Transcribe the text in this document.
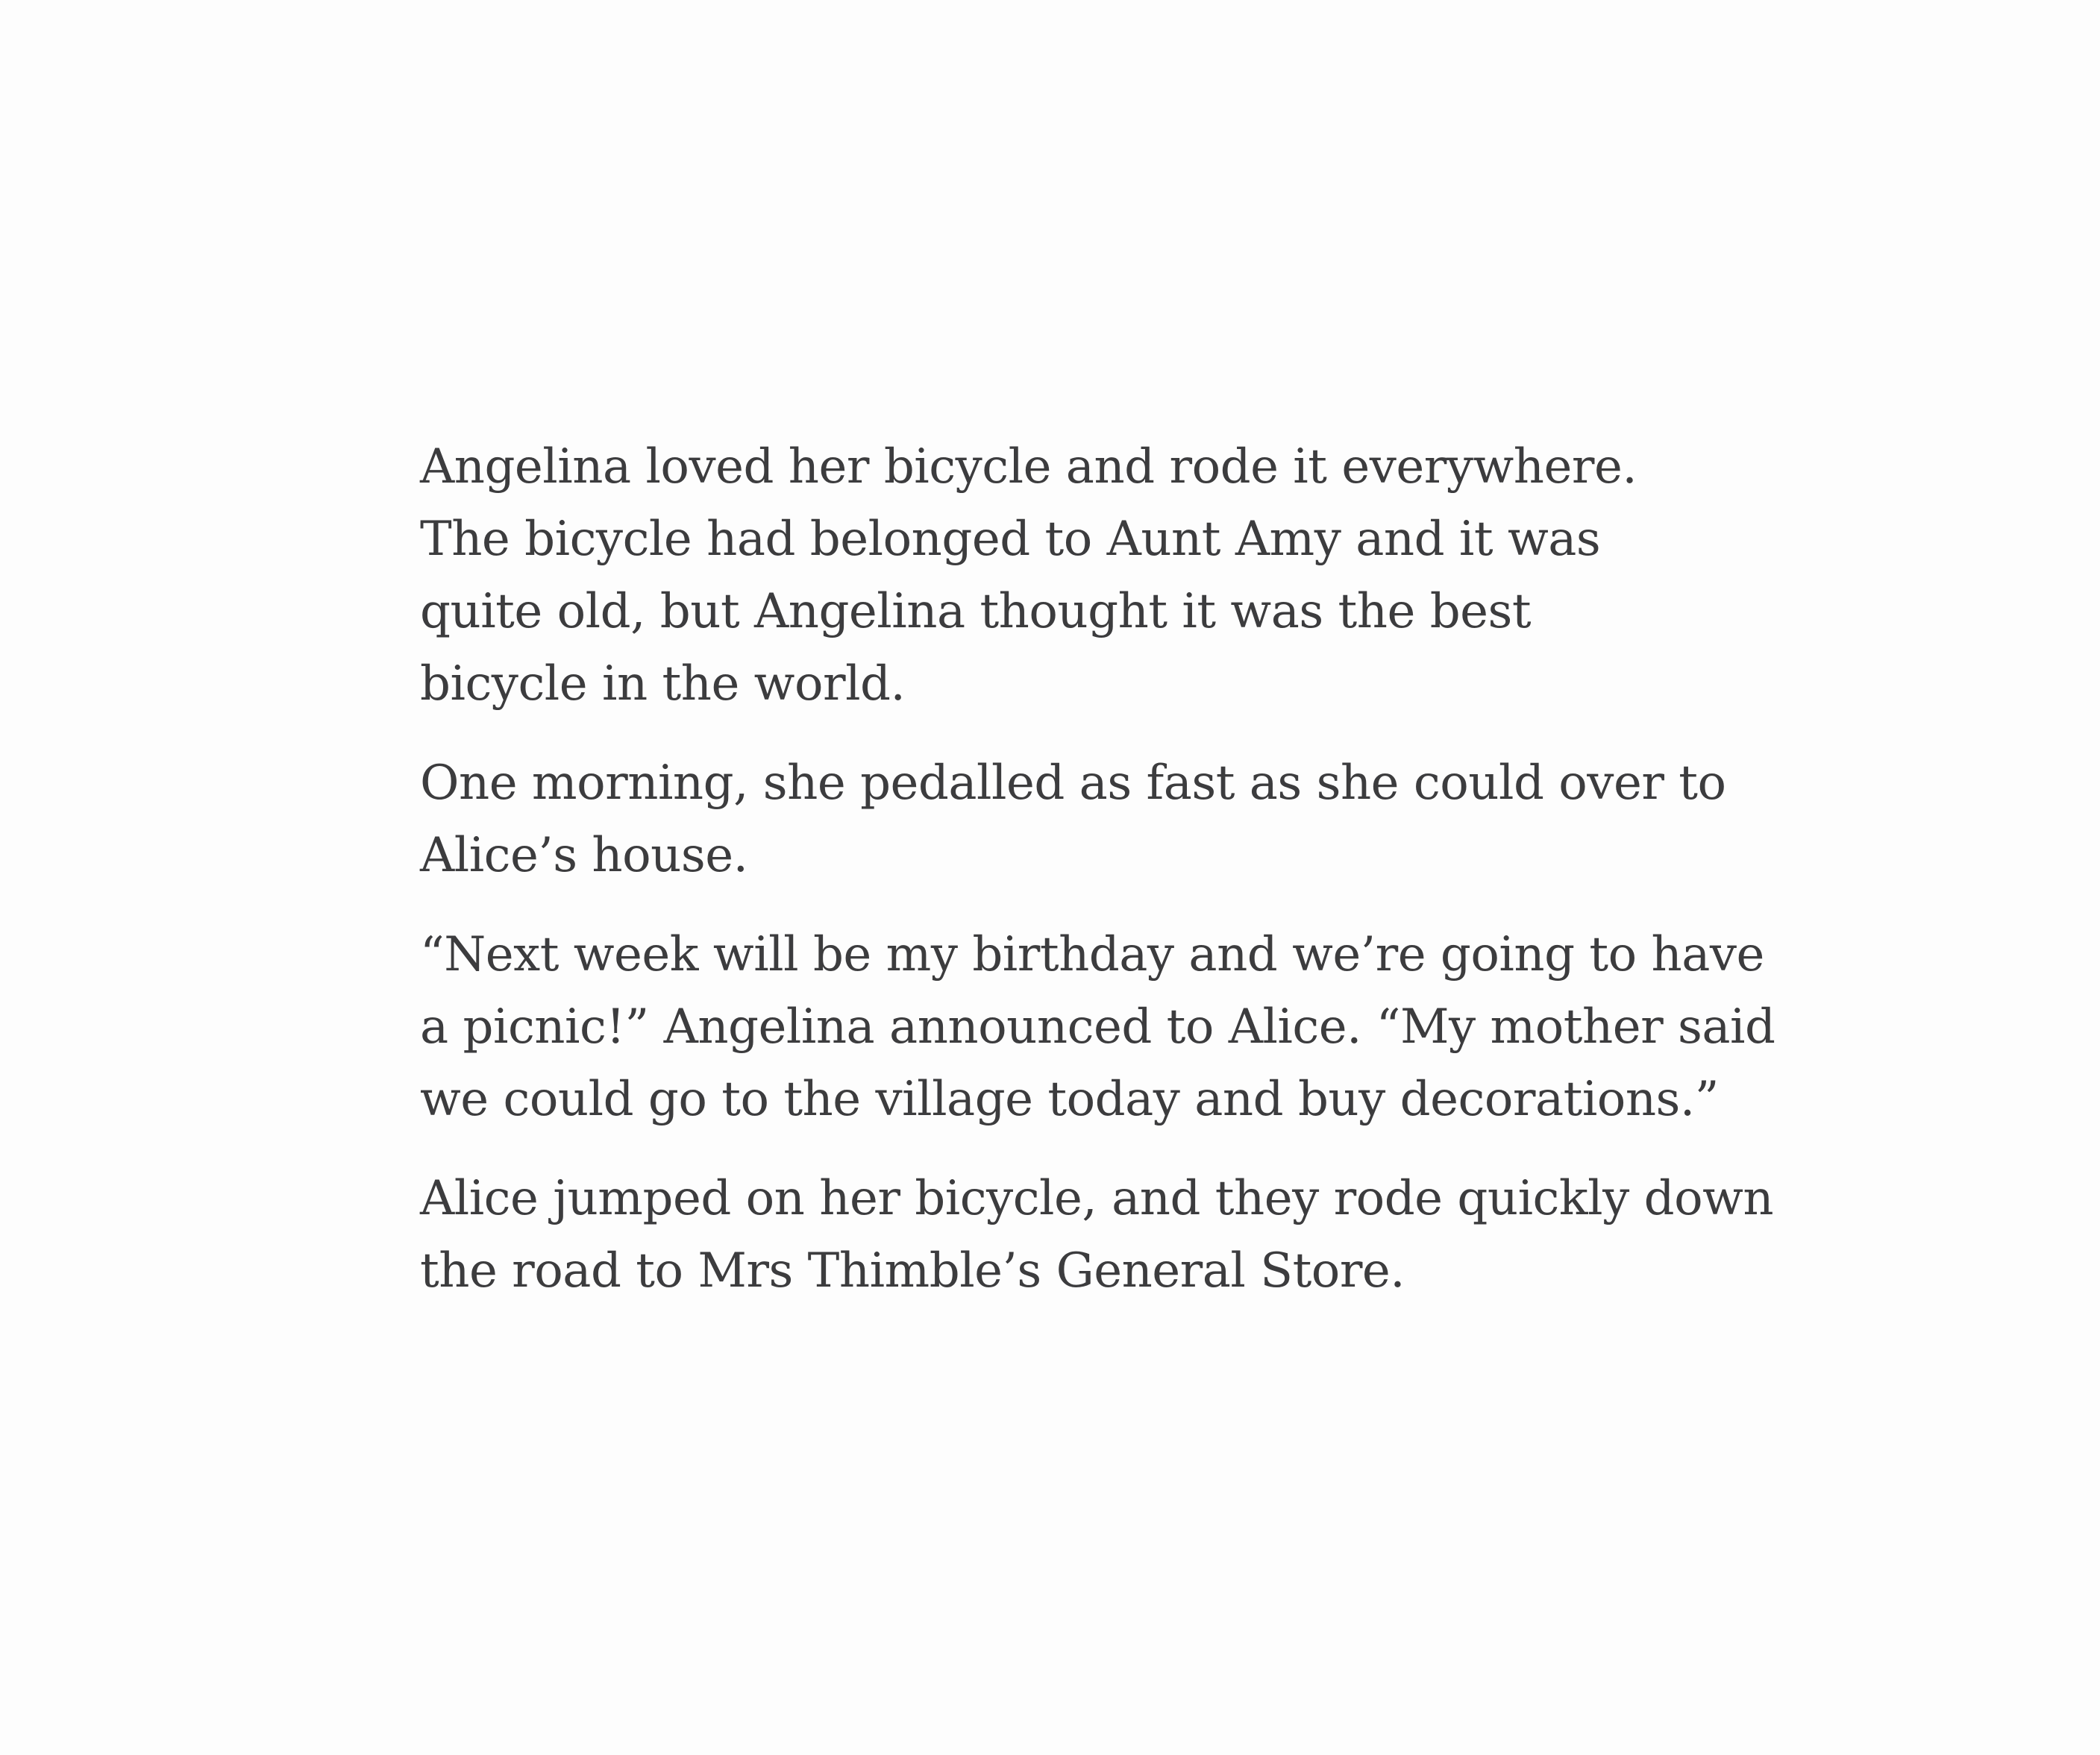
Angelina loved her bicycle and rode it everywhere.
The bicycle had belonged to Aunt Amy and it was
quite old, but Angelina thought it was the best
bicycle in the world.

One morning, she pedalled as fast as she could over to
Alice’s house.

“Next week will be my birthday and we’re going to have
a picnic!” Angelina announced to Alice. “My mother said
we could go to the village today and buy decorations.”

Alice jumped on her bicycle, and they rode quickly down
the road to Mrs Thimble’s General Store.
